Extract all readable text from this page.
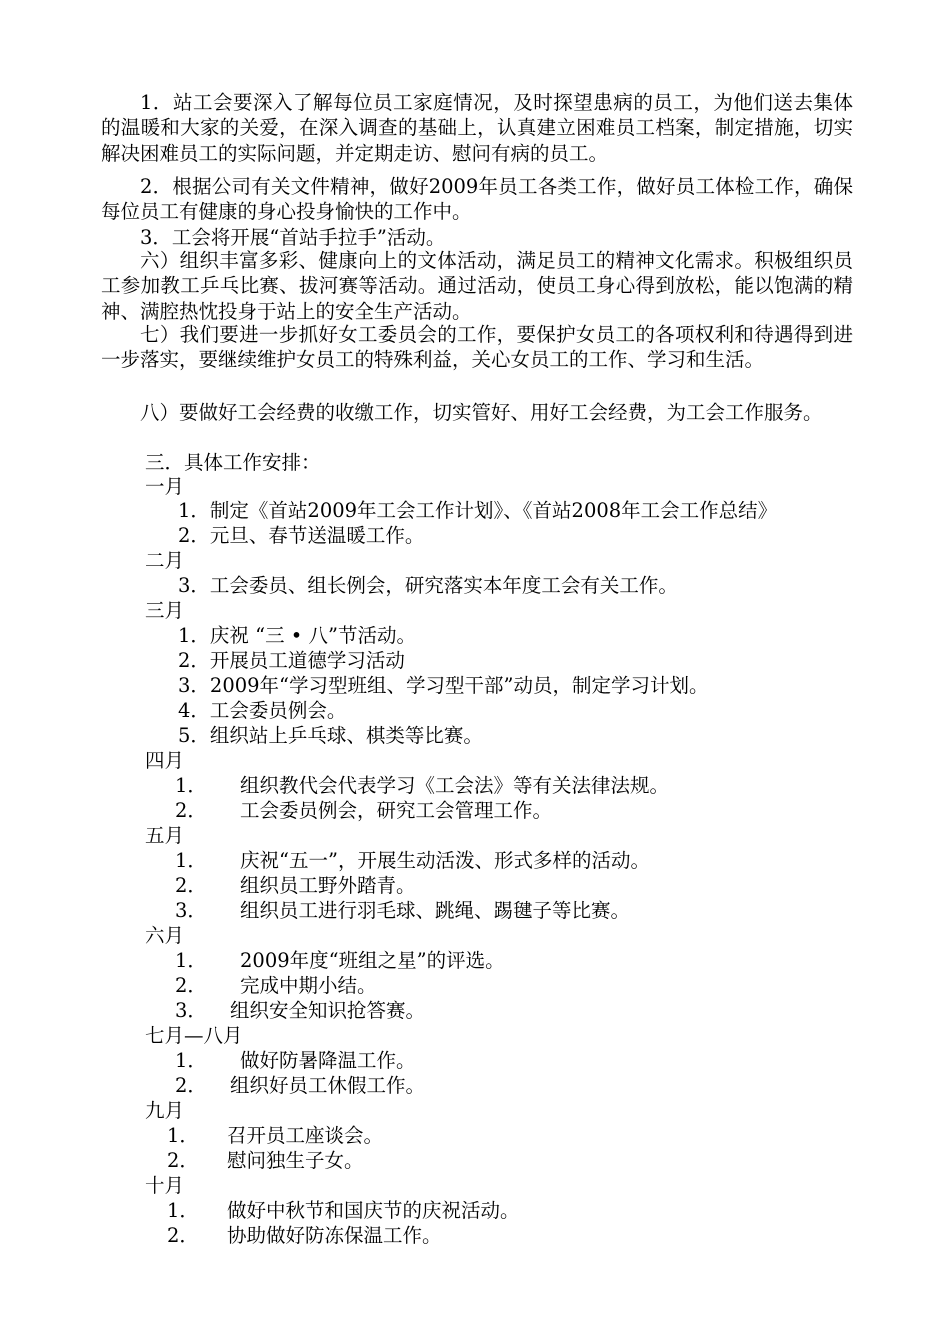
1．站工会要深入了解每位员工家庭情况，及时探望患病的员工，为他们送去集体的温暖和大家的关爱，在深入调查的基础上，认真建立困难员工档案，制定措施，切实解决困难员工的实际问题，并定期走访、慰问有病的员工。

2．根据公司有关文件精神，做好2009年员工各类工作，做好员工体检工作，确保每位员工有健康的身心投身愉快的工作中。

3．工会将开展“首站手拉手”活动。

六）组织丰富多彩、健康向上的文体活动，满足员工的精神文化需求。积极组织员工参加教工乒乓比赛、拔河赛等活动。通过活动，使员工身心得到放松，能以饱满的精神、满腔热忱投身于站上的安全生产活动。

七）我们要进一步抓好女工委员会的工作，要保护女员工的各项权利和待遇得到进一步落实，要继续维护女员工的特殊利益，关心女员工的工作、学习和生活。

八）要做好工会经费的收缴工作，切实管好、用好工会经费，为工会工作服务。

三．具体工作安排：

一月

1．制定《首站2009年工会工作计划》、《首站2008年工会工作总结》

2．元旦、春节送温暖工作。

二月

3．工会委员、组长例会，研究落实本年度工会有关工作。

三月

1．庆祝 “三 • 八”节活动。

2．开展员工道德学习活动

3．2009年“学习型班组、学习型干部”动员，制定学习计划。

4．工会委员例会。

5．组织站上乒乓球、棋类等比赛。

四月

1． 组织教代会代表学习《工会法》等有关法律法规。

2． 工会委员例会，研究工会管理工作。

五月

1． 庆祝“五一”，开展生动活泼、形式多样的活动。

2． 组织员工野外踏青。

3． 组织员工进行羽毛球、跳绳、踢毽子等比赛。

六月

1． 2009年度“班组之星”的评选。

2． 完成中期小结。

3． 组织安全知识抢答赛。

七月—八月

1． 做好防暑降温工作。

2． 组织好员工休假工作。

九月

1． 召开员工座谈会。

2． 慰问独生子女。

十月

1． 做好中秋节和国庆节的庆祝活动。

2． 协助做好防冻保温工作。
